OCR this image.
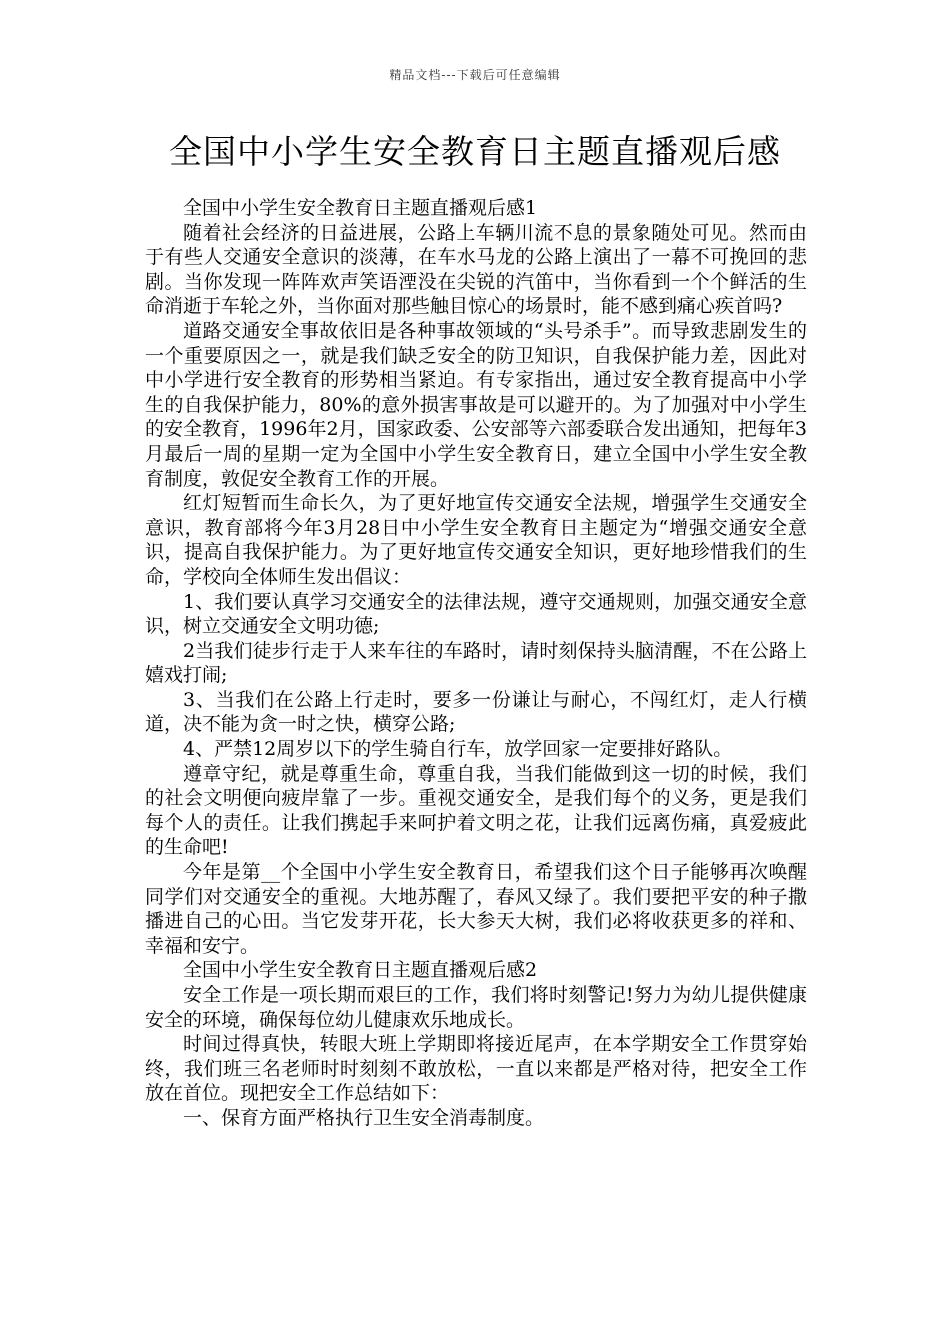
精品文档---下载后可任意编辑
全国中小学生安全教育日主题直播观后感

全国中小学生安全教育日主题直播观后感1

随着社会经济的日益进展，公路上车辆川流不息的景象随处可见。然而由于有些人交通安全意识的淡薄，在车水马龙的公路上演出了一幕不可挽回的悲剧。当你发现一阵阵欢声笑语湮没在尖锐的汽笛中，当你看到一个个鲜活的生命消逝于车轮之外，当你面对那些触目惊心的场景时，能不感到痛心疾首吗?

道路交通安全事故依旧是各种事故领域的“头号杀手”。而导致悲剧发生的一个重要原因之一，就是我们缺乏安全的防卫知识，自我保护能力差，因此对中小学进行安全教育的形势相当紧迫。有专家指出，通过安全教育提高中小学生的自我保护能力，80%的意外损害事故是可以避开的。为了加强对中小学生的安全教育，1996年2月，国家政委、公安部等六部委联合发出通知，把每年3月最后一周的星期一定为全国中小学生安全教育日，建立全国中小学生安全教育制度，敦促安全教育工作的开展。

红灯短暂而生命长久，为了更好地宣传交通安全法规，增强学生交通安全意识，教育部将今年3月28日中小学生安全教育日主题定为“增强交通安全意识，提高自我保护能力。为了更好地宣传交通安全知识，更好地珍惜我们的生命，学校向全体师生发出倡议：

1、我们要认真学习交通安全的法律法规，遵守交通规则，加强交通安全意识，树立交通安全文明功德;

2当我们徒步行走于人来车往的车路时，请时刻保持头脑清醒，不在公路上嬉戏打闹;

3、当我们在公路上行走时，要多一份谦让与耐心，不闯红灯，走人行横道，决不能为贪一时之快，横穿公路;

4、严禁12周岁以下的学生骑自行车，放学回家一定要排好路队。

遵章守纪，就是尊重生命，尊重自我，当我们能做到这一切的时候，我们的社会文明便向疲岸靠了一步。重视交通安全，是我们每个的义务，更是我们每个人的责任。让我们携起手来呵护着文明之花，让我们远离伤痛，真爱疲此的生命吧!

今年是第__个全国中小学生安全教育日，希望我们这个日子能够再次唤醒同学们对交通安全的重视。大地苏醒了，春风又绿了。我们要把平安的种子撒播进自己的心田。当它发芽开花，长大参天大树，我们必将收获更多的祥和、幸福和安宁。

全国中小学生安全教育日主题直播观后感2

安全工作是一项长期而艰巨的工作，我们将时刻警记!努力为幼儿提供健康安全的环境，确保每位幼儿健康欢乐地成长。

时间过得真快，转眼大班上学期即将接近尾声，在本学期安全工作贯穿始终，我们班三名老师时时刻刻不敢放松，一直以来都是严格对待，把安全工作放在首位。现把安全工作总结如下：

一、保育方面严格执行卫生安全消毒制度。
